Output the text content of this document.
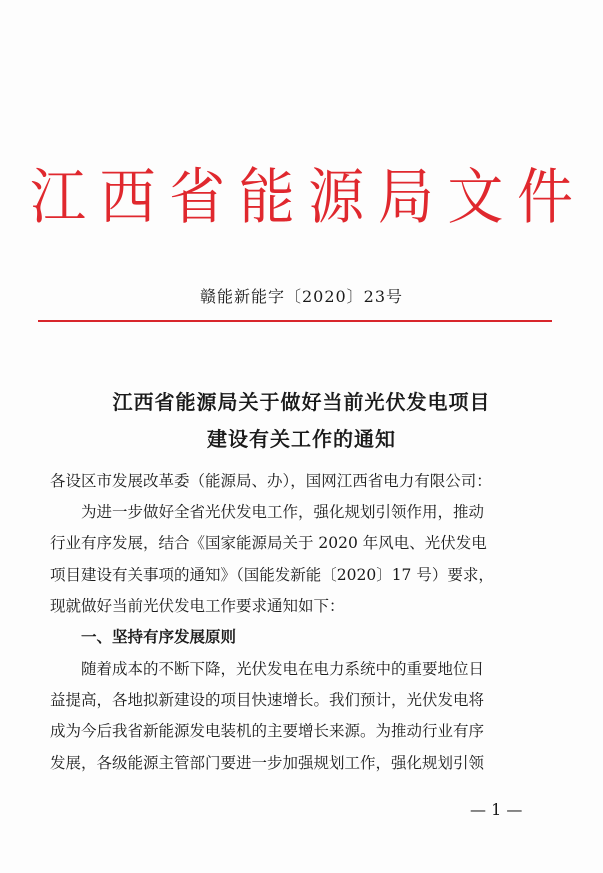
江 西 省 能 源 局 文 件
赣能新能字〔2020〕23号
江西省能源局关于做好当前光伏发电项目
建设有关工作的通知
各设区市发展改革委（能源局、办），国网江西省电力有限公司：
　　为进一步做好全省光伏发电工作，强化规划引领作用，推动
行业有序发展，结合《国家能源局关于 2020 年风电、光伏发电
项目建设有关事项的通知》（国能发新能〔2020〕17 号）要求，
现就做好当前光伏发电工作要求通知如下：
　　一、坚持有序发展原则
　　随着成本的不断下降，光伏发电在电力系统中的重要地位日
益提高，各地拟新建设的项目快速增长。我们预计，光伏发电将
成为今后我省新能源发电装机的主要增长来源。为推动行业有序
发展，各级能源主管部门要进一步加强规划工作，强化规划引领
— 1 —
